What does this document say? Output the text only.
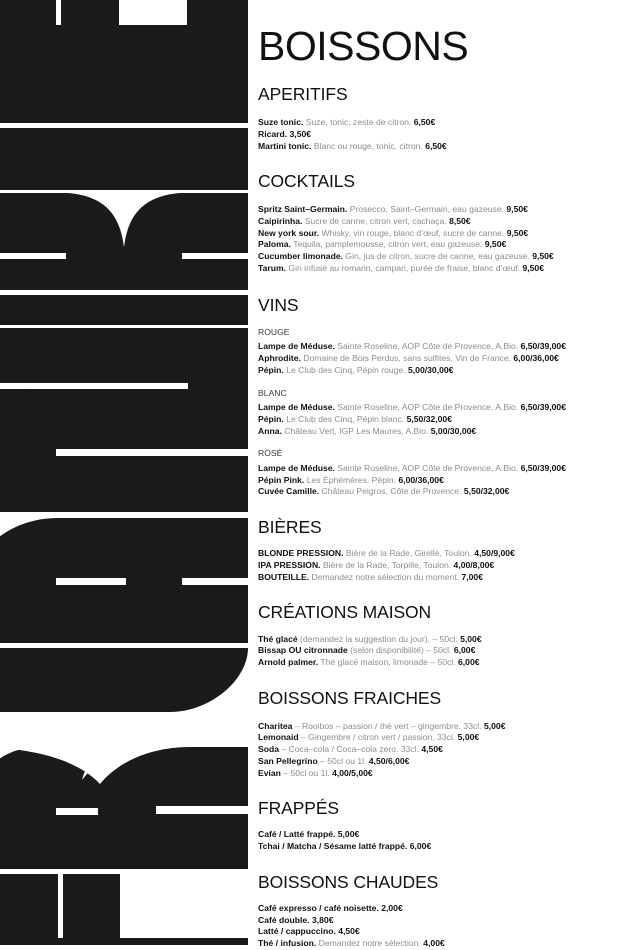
BOISSONS
APERITIFS
Suze tonic. Suze, tonic, zeste de citron. 6,50€
Ricard. 3,50€
Martini tonic. Blanc ou rouge, tonic, citron. 6,50€
COCKTAILS
Spritz Saint–Germain. Prosecco, Saint–Germain, eau gazeuse. 9,50€
Caipirinha. Sucre de canne, citron vert, cachaça. 8,50€
New york sour. Whisky, vin rouge, blanc d’œuf, sucre de canne. 9,50€
Paloma. Tequila, pamplemousse, citron vert, eau gazeuse. 9,50€
Cucumber limonade. Gin, jus de citron, sucre de canne, eau gazeuse. 9,50€
Tarum. Gin infusé au romarin, campari, purée de fraise, blanc d’œuf. 9,50€
VINS
ROUGE
Lampe de Méduse. Sainte Roseline, AOP Côte de Provence, A.Bio. 6,50/39,00€
Aphrodite. Domaine de Bois Perdus, sans sulfites, Vin de France. 6,00/36,00€
Pépin. Le Club des Cinq, Pépin rouge. 5,00/30,00€
BLANC
Lampe de Méduse. Sainte Roseline, AOP Côte de Provence, A.Bio. 6,50/39,00€
Pépin. Le Club des Cinq, Pépin blanc. 5,50/32,00€
Anna. Château Vert, IGP Les Maures, A.Bio. 5,00/30,00€
ROSÉ
Lampe de Méduse. Sainte Roseline, AOP Côte de Provence, A.Bio. 6,50/39,00€
Pépin Pink. Les Éphémères. Pépin. 6,00/36,00€
Cuvée Camille. Château Peigros, Côte de Provence. 5,50/32,00€
BIÈRES
BLONDE PRESSION. Bière de la Rade, Girelle, Toulon. 4,50/9,00€
IPA PRESSION. Bière de la Rade, Torpille, Toulon. 4,00/8,00€
BOUTEILLE. Demandez notre sélection du moment. 7,00€
CRÉATIONS MAISON
Thé glacé (demandez la suggestion du jour). – 50cl. 5,00€
Bissap OU citronnade (selon disponibilité) – 50cl. 6,00€
Arnold palmer. Thé glacé maison, limonade – 50cl. 6,00€
BOISSONS FRAICHES
Charitea – Rooibos – passion / thé vert – gingembre. 33cl. 5,00€
Lemonaid – Gingembre / citron vert / passion. 33cl. 5,00€
Soda – Coca–cola / Coca–cola zero. 33cl. 4,50€
San Pellegrino – 50cl ou 1l. 4,50/6,00€
Evian – 50cl ou 1l. 4,00/5,00€
FRAPPÉS
Café / Latté frappé. 5,00€
Tchai / Matcha / Sésame latté frappé. 6,00€
BOISSONS CHAUDES
Café expresso / café noisette. 2,00€
Café double. 3,80€
Latté / cappuccino. 4,50€
Thé / infusion. Demandez notre sélection. 4,00€
